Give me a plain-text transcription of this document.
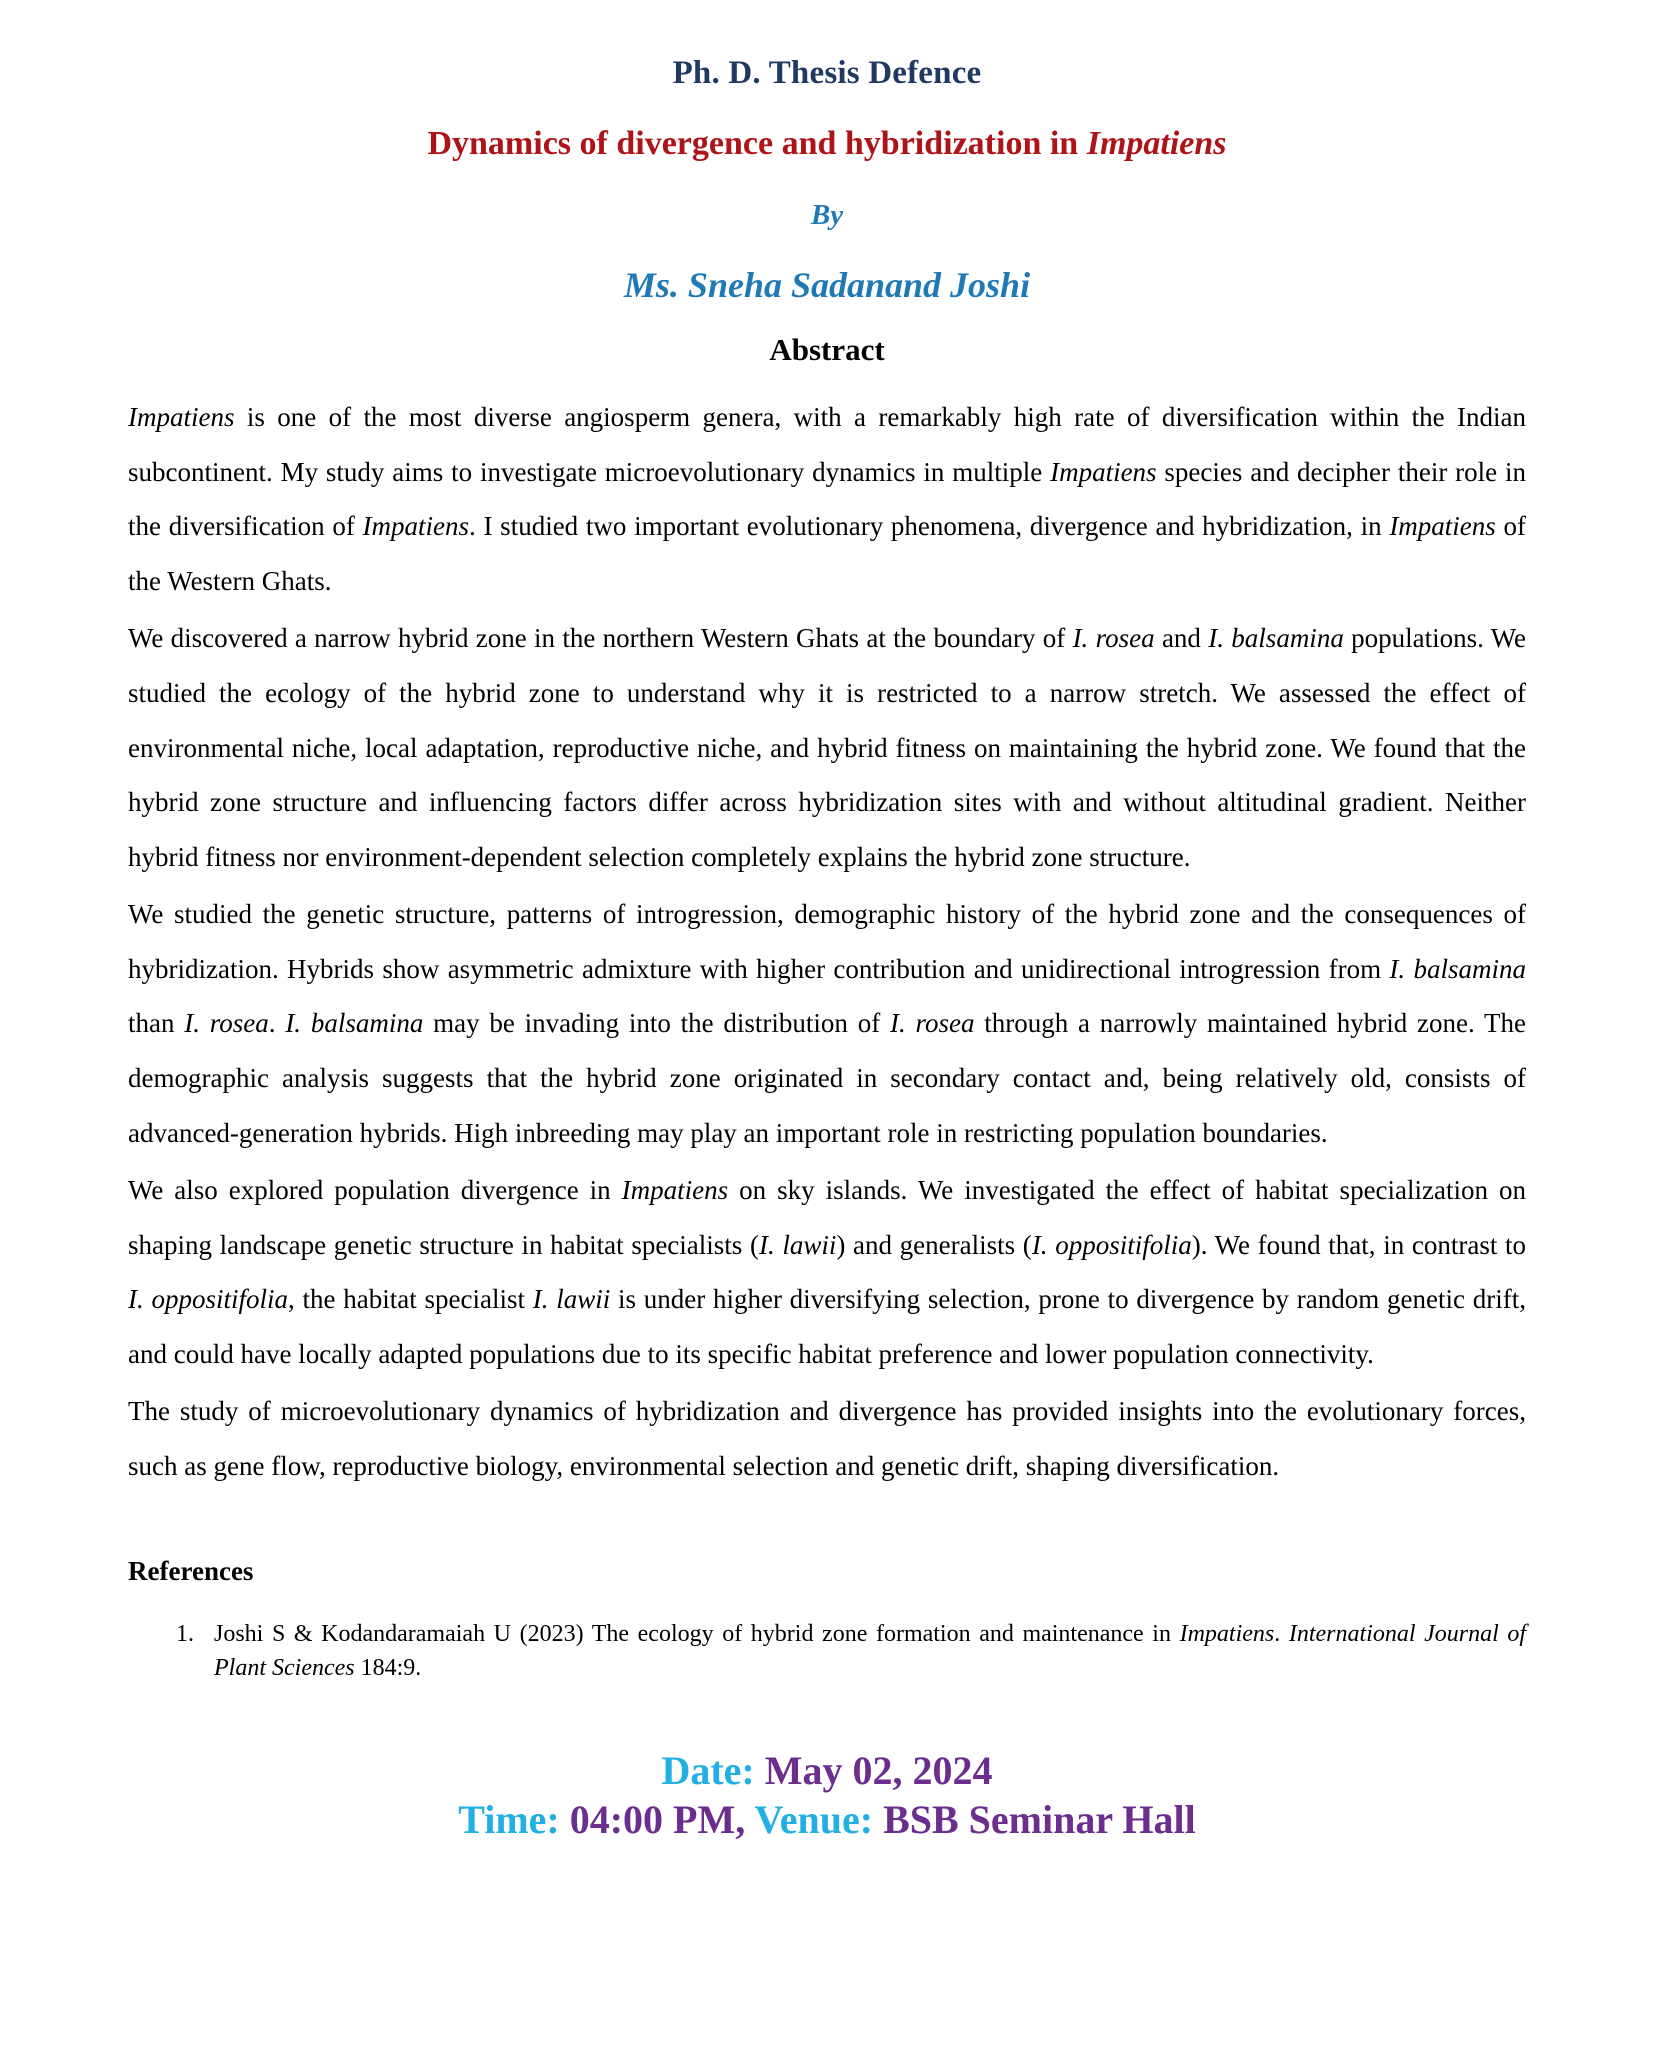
Ph. D. Thesis Defence
Dynamics of divergence and hybridization in Impatiens
By
Ms. Sneha Sadanand Joshi
Abstract

Impatiens is one of the most diverse angiosperm genera, with a remarkably high rate of diversification within the Indian subcontinent. My study aims to investigate microevolutionary dynamics in multiple Impatiens species and decipher their role in the diversification of Impatiens. I studied two important evolutionary phenomena, divergence and hybridization, in Impatiens of the Western Ghats.

We discovered a narrow hybrid zone in the northern Western Ghats at the boundary of I. rosea and I. balsamina populations. We studied the ecology of the hybrid zone to understand why it is restricted to a narrow stretch. We assessed the effect of environmental niche, local adaptation, reproductive niche, and hybrid fitness on maintaining the hybrid zone. We found that the hybrid zone structure and influencing factors differ across hybridization sites with and without altitudinal gradient. Neither hybrid fitness nor environment-dependent selection completely explains the hybrid zone structure.

We studied the genetic structure, patterns of introgression, demographic history of the hybrid zone and the consequences of hybridization. Hybrids show asymmetric admixture with higher contribution and unidirectional introgression from I. balsamina than I. rosea. I. balsamina may be invading into the distribution of I. rosea through a narrowly maintained hybrid zone. The demographic analysis suggests that the hybrid zone originated in secondary contact and, being relatively old, consists of advanced-generation hybrids. High inbreeding may play an important role in restricting population boundaries.

We also explored population divergence in Impatiens on sky islands. We investigated the effect of habitat specialization on shaping landscape genetic structure in habitat specialists (I. lawii) and generalists (I. oppositifolia). We found that, in contrast to I. oppositifolia, the habitat specialist I. lawii is under higher diversifying selection, prone to divergence by random genetic drift, and could have locally adapted populations due to its specific habitat preference and lower population connectivity.

The study of microevolutionary dynamics of hybridization and divergence has provided insights into the evolutionary forces, such as gene flow, reproductive biology, environmental selection and genetic drift, shaping diversification.

References
1. Joshi S & Kodandaramaiah U (2023) The ecology of hybrid zone formation and maintenance in Impatiens. International Journal of Plant Sciences 184:9.
Date: May 02, 2024
Time: 04:00 PM, Venue: BSB Seminar Hall
